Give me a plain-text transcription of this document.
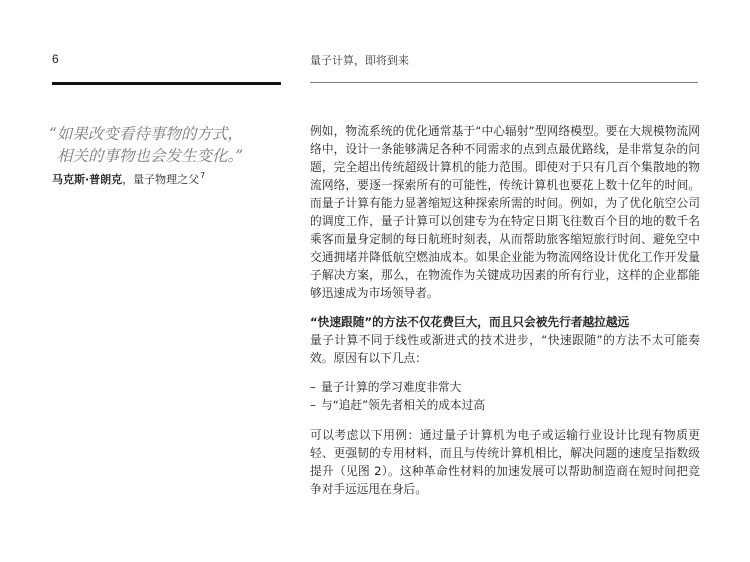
6	量子计算，即将到来
“如果改变看待事物的方式，
相关的事物也会发生变化。”
马克斯·普朗克，量子物理之父$^7$

例如，物流系统的优化通常基于“中心辐射”型网络模型。要在大规模物流网络中，设计一条能够满足各种不同需求的点到点最优路线，是非常复杂的问题，完全超出传统超级计算机的能力范围。即使对于只有几百个集散地的物流网络，要逐一探索所有的可能性，传统计算机也要花上数十亿年的时间。而量子计算有能力显著缩短这种探索所需的时间。例如，为了优化航空公司的调度工作，量子计算可以创建专为在特定日期飞往数百个目的地的数千名乘客而量身定制的每日航班时刻表，从而帮助旅客缩短旅行时间、避免空中交通拥堵并降低航空燃油成本。如果企业能为物流网络设计优化工作开发量子解决方案，那么，在物流作为关键成功因素的所有行业，这样的企业都能够迅速成为市场领导者。

“快速跟随”的方法不仅花费巨大，而且只会被先行者越拉越远

量子计算不同于线性或渐进式的技术进步，“快速跟随”的方法不太可能奏效。原因有以下几点：

– 量子计算的学习难度非常大
– 与“追赶”领先者相关的成本过高

可以考虑以下用例：通过量子计算机为电子或运输行业设计比现有物质更轻、更强韧的专用材料，而且与传统计算机相比，解决问题的速度呈指数级提升（见图 2）。这种革命性材料的加速发展可以帮助制造商在短时间把竞争对手远远甩在身后。
